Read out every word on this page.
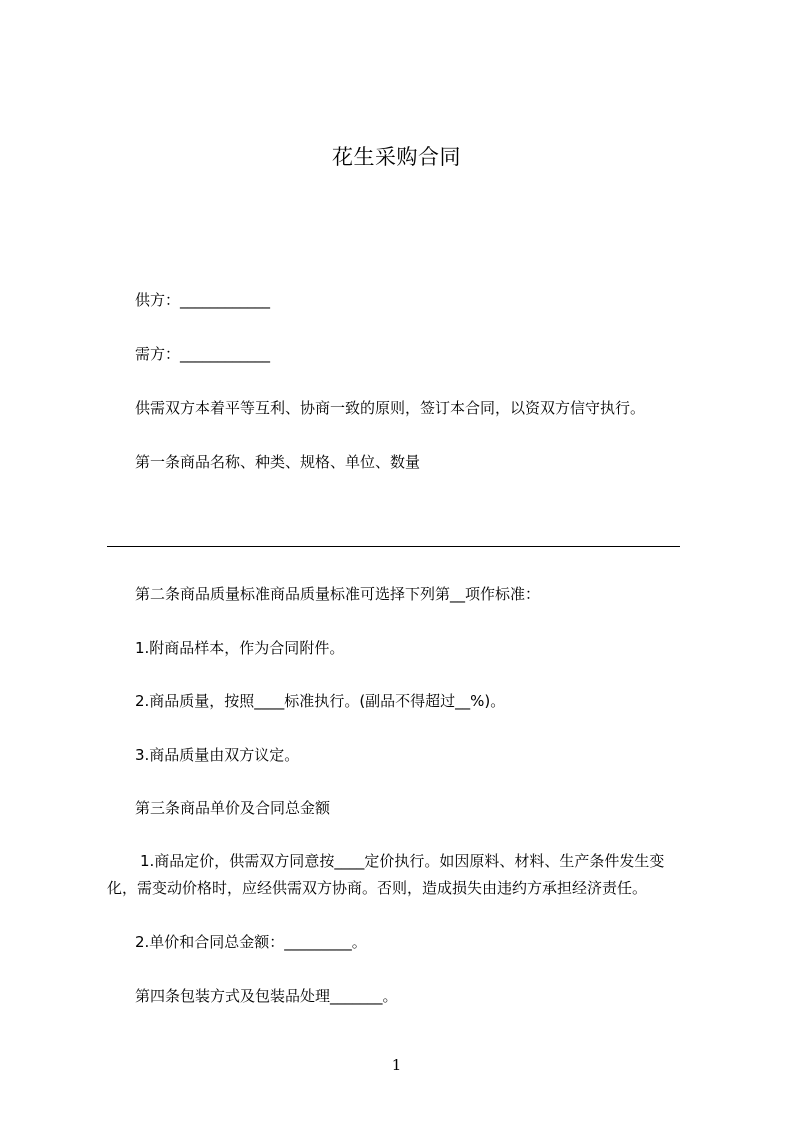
花生采购合同
供方：____________
需方：____________
供需双方本着平等互利、协商一致的原则，签订本合同，以资双方信守执行。
第一条商品名称、种类、规格、单位、数量
第二条商品质量标准商品质量标准可选择下列第__项作标准：
1.附商品样本，作为合同附件。
2.商品质量，按照____标准执行。(副品不得超过__%)。
3.商品质量由双方议定。
第三条商品单价及合同总金额
1.商品定价，供需双方同意按____定价执行。如因原料、材料、生产条件发生变
化，需变动价格时，应经供需双方协商。否则，造成损失由违约方承担经济责任。
2.单价和合同总金额：_________。
第四条包装方式及包装品处理_______。
1
